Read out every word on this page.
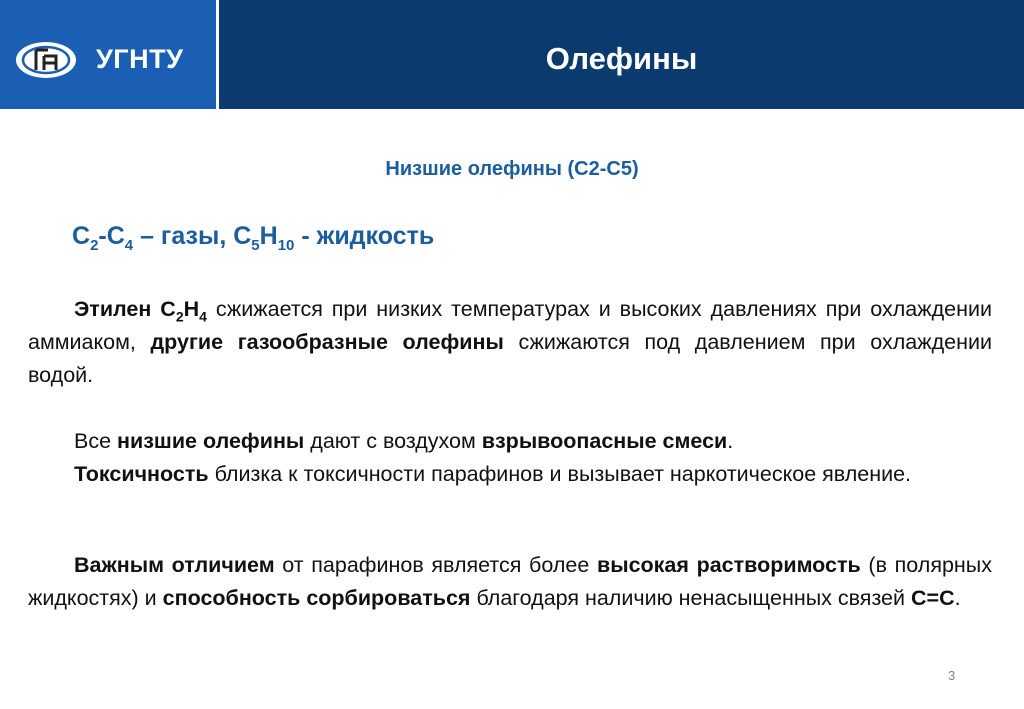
УГНТУ	Олефины
Низшие олефины (С2-С5)
$С_2-С_4$ – газы, $С_5Н_{10}$ - жидкость

Этилен $С_2Н_4$ сжижается при низких температурах и высоких давлениях при охлаждении аммиаком, другие газообразные олефины сжижаются под давлением при охлаждении водой.

Все низшие олефины дают с воздухом взрывоопасные смеси.

Токсичность близка к токсичности парафинов и вызывает наркотическое явление.

Важным отличием от парафинов является более высокая растворимость (в полярных жидкостях) и способность сорбироваться благодаря наличию ненасыщенных связей С=С.

3
